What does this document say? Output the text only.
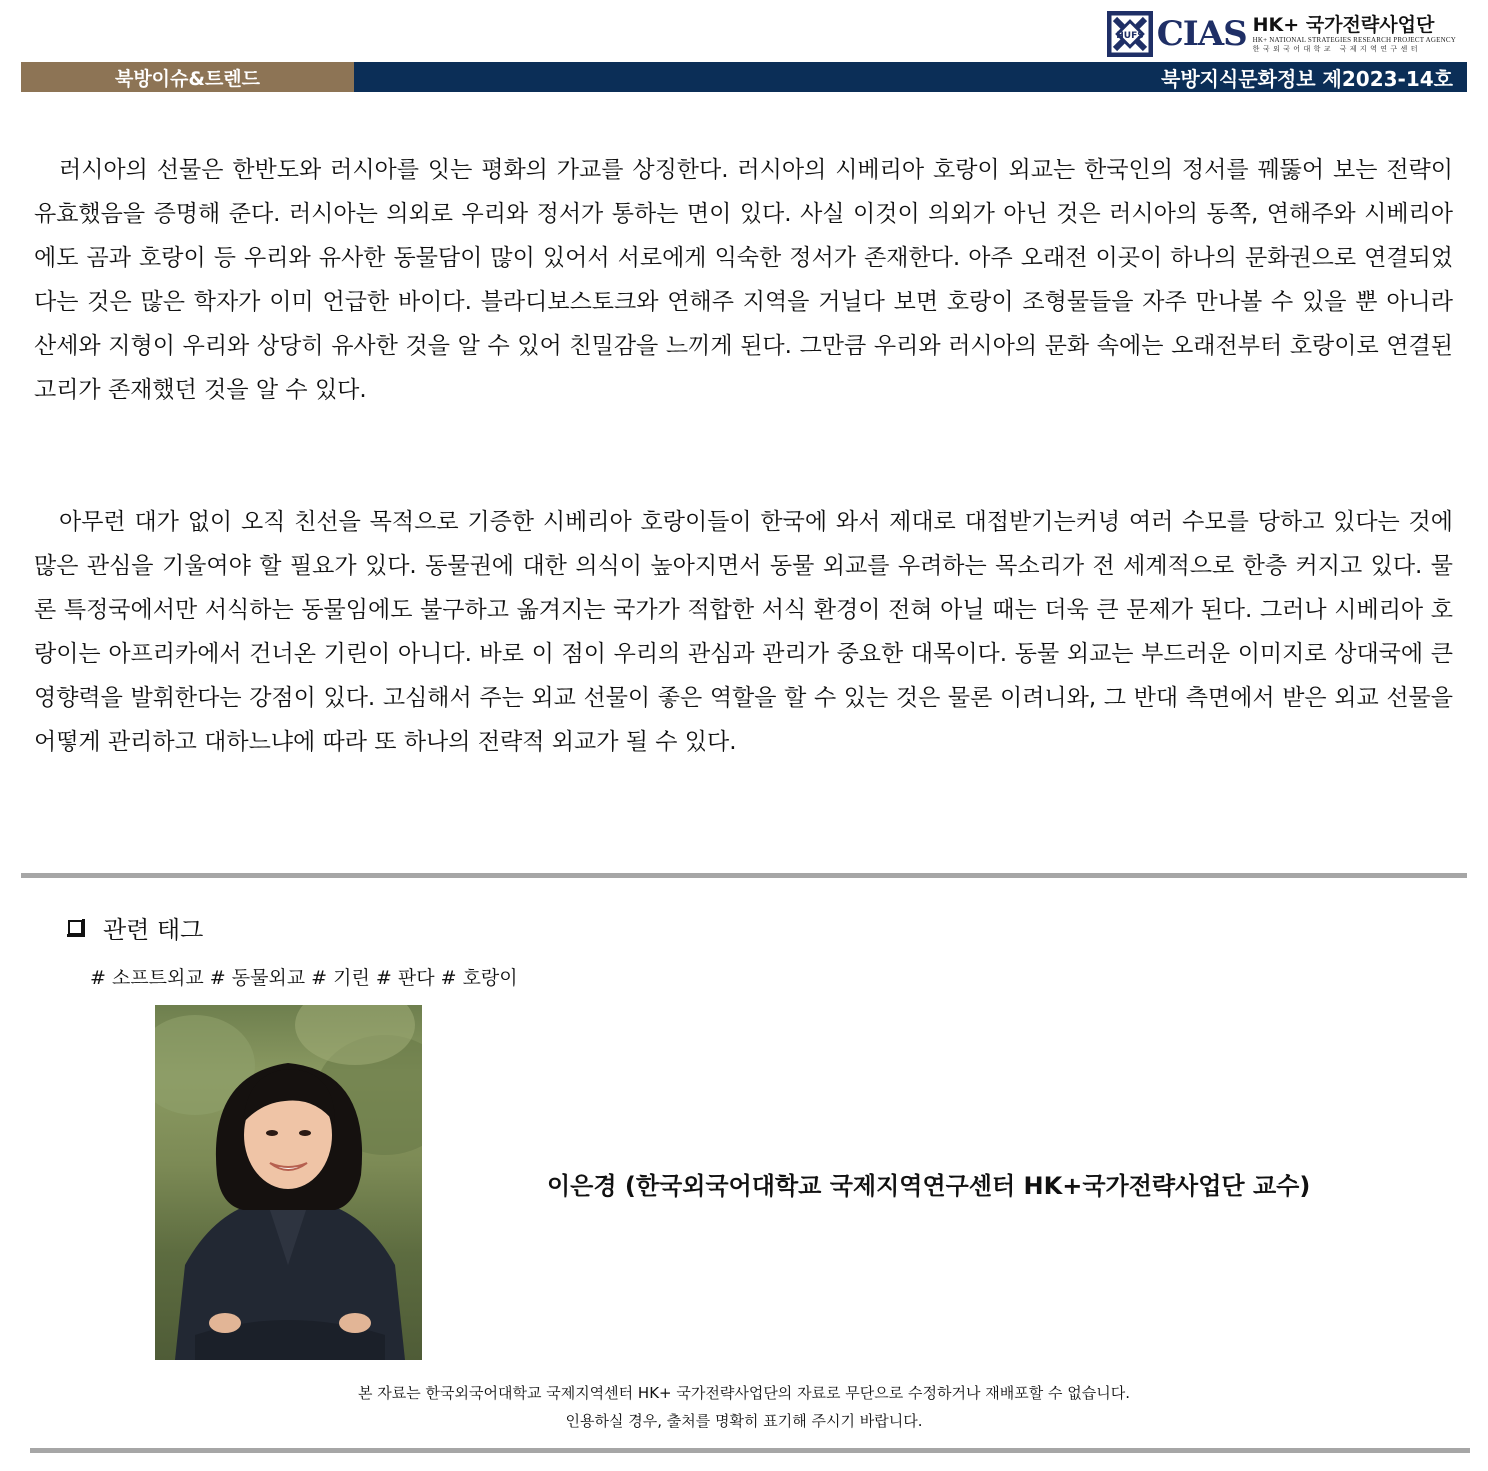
HUFS CIAS HK+ 국가전략사업단
HK+ NATIONAL STRATEGIES RESEARCH PROJECT AGENCY
한국외국어대학교 국제지역연구센터
북방이슈&트렌드	북방지식문화정보 제2023-14호

러시아의 선물은 한반도와 러시아를 잇는 평화의 가교를 상징한다. 러시아의 시베리아 호랑이 외교는 한국인의 정서를 꿰뚫어 보는 전략이 유효했음을 증명해 준다. 러시아는 의외로 우리와 정서가 통하는 면이 있다. 사실 이것이 의외가 아닌 것은 러시아의 동쪽, 연해주와 시베리아에도 곰과 호랑이 등 우리와 유사한 동물담이 많이 있어서 서로에게 익숙한 정서가 존재한다. 아주 오래전 이곳이 하나의 문화권으로 연결되었다는 것은 많은 학자가 이미 언급한 바이다. 블라디보스토크와 연해주 지역을 거닐다 보면 호랑이 조형물들을 자주 만나볼 수 있을 뿐 아니라 산세와 지형이 우리와 상당히 유사한 것을 알 수 있어 친밀감을 느끼게 된다. 그만큼 우리와 러시아의 문화 속에는 오래전부터 호랑이로 연결된 고리가 존재했던 것을 알 수 있다.

아무런 대가 없이 오직 친선을 목적으로 기증한 시베리아 호랑이들이 한국에 와서 제대로 대접받기는커녕 여러 수모를 당하고 있다는 것에 많은 관심을 기울여야 할 필요가 있다. 동물권에 대한 의식이 높아지면서 동물 외교를 우려하는 목소리가 전 세계적으로 한층 커지고 있다. 물론 특정국에서만 서식하는 동물임에도 불구하고 옮겨지는 국가가 적합한 서식 환경이 전혀 아닐 때는 더욱 큰 문제가 된다. 그러나 시베리아 호랑이는 아프리카에서 건너온 기린이 아니다. 바로 이 점이 우리의 관심과 관리가 중요한 대목이다. 동물 외교는 부드러운 이미지로 상대국에 큰 영향력을 발휘한다는 강점이 있다. 고심해서 주는 외교 선물이 좋은 역할을 할 수 있는 것은 물론 이려니와, 그 반대 측면에서 받은 외교 선물을 어떻게 관리하고 대하느냐에 따라 또 하나의 전략적 외교가 될 수 있다.

관련 태그
# 소프트외교 # 동물외교 # 기린 # 판다 # 호랑이
이은경 (한국외국어대학교 국제지역연구센터 HK+국가전략사업단 교수)
본 자료는 한국외국어대학교 국제지역센터 HK+ 국가전략사업단의 자료로 무단으로 수정하거나 재배포할 수 없습니다.
인용하실 경우, 출처를 명확히 표기해 주시기 바랍니다.
